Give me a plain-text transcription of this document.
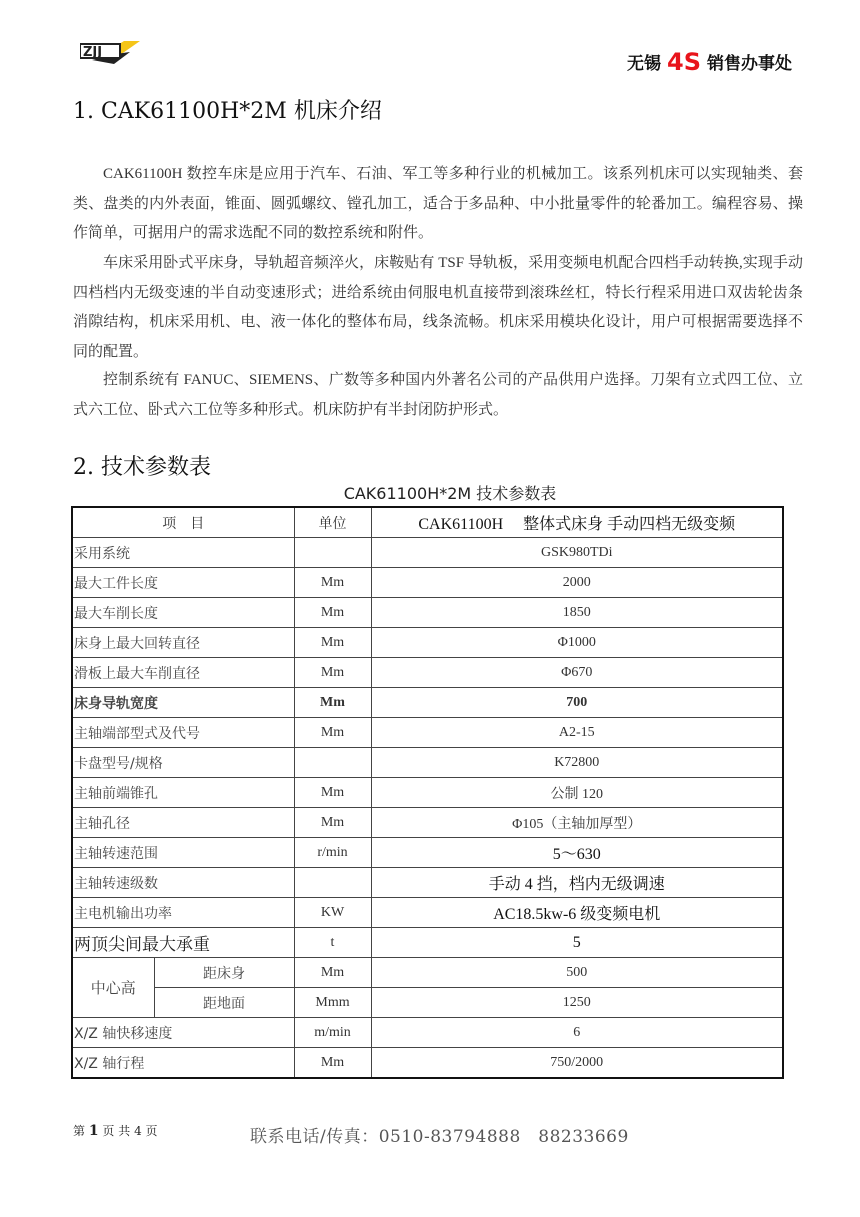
ZJJ
无锡 4S 销售办事处
1. CAK61100H*2M 机床介绍

CAK61100H 数控车床是应用于汽车、石油、军工等多种行业的机械加工。该系列机床可以实现轴类、套类、盘类的内外表面，锥面、圆弧螺纹、镗孔加工，适合于多品种、中小批量零件的轮番加工。编程容易、操作简单，可据用户的需求选配不同的数控系统和附件。

车床采用卧式平床身，导轨超音频淬火，床鞍贴有 TSF 导轨板，采用变频电机配合四档手动转换,实现手动四档档内无级变速的半自动变速形式；进给系统由伺服电机直接带到滚珠丝杠，特长行程采用进口双齿轮齿条消隙结构，机床采用机、电、液一体化的整体布局，线条流畅。机床采用模块化设计，用户可根据需要选择不同的配置。

控制系统有 FANUC、SIEMENS、广数等多种国内外著名公司的产品供用户选择。刀架有立式四工位、立式六工位、卧式六工位等多种形式。机床防护有半封闭防护形式。

2. 技术参数表
CAK61100H*2M 技术参数表
项　目		单位	CAK61100H　 整体式床身 手动四档无级变频
采用系统			GSK980TDi
最大工件长度		Mm	2000
最大车削长度		Mm	1850
床身上最大回转直径		Mm	Φ1000
滑板上最大车削直径		Mm	Φ670
床身导轨宽度		Mm	700
主轴端部型式及代号		Mm	A2-15
卡盘型号/规格			K72800
主轴前端锥孔		Mm	公制 120
主轴孔径		Mm	Φ105（主轴加厚型）
主轴转速范围		r/min	5～630
主轴转速级数			手动 4 挡，档内无级调速
主电机输出功率		KW	AC18.5kw-6 级变频电机
两顶尖间最大承重		t	5
中心高	距床身	Mm	500
	距地面	Mmm	1250
X/Z 轴快移速度		m/min	6
X/Z 轴行程		Mm	750/2000
第 1 页 共 4 页	联系电话/传真：0510-83794888　88233669
